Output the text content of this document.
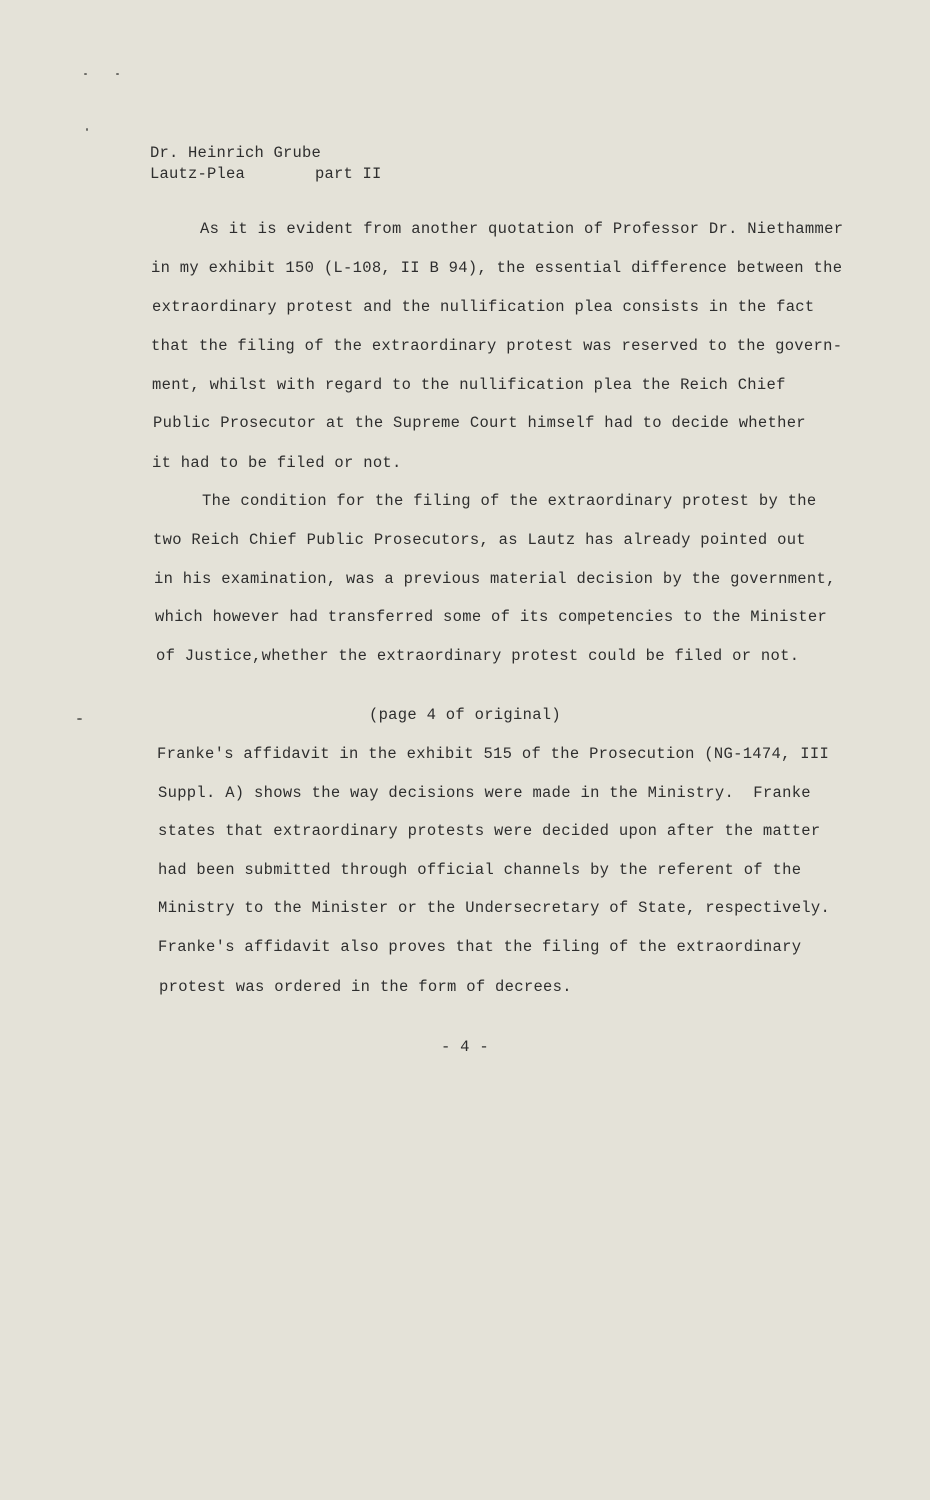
Dr. Heinrich Grube
Lautz-Plea	part II
As it is evident from another quotation of Professor Dr. Niethammer
in my exhibit 150 (L-108, II B 94), the essential difference between the
extraordinary protest and the nullification plea consists in the fact
that the filing of the extraordinary protest was reserved to the govern-
ment, whilst with regard to the nullification plea the Reich Chief
Public Prosecutor at the Supreme Court himself had to decide whether
it had to be filed or not.
The condition for the filing of the extraordinary protest by the
two Reich Chief Public Prosecutors, as Lautz has already pointed out
in his examination, was a previous material decision by the government,
which however had transferred some of its competencies to the Minister
of Justice,whether the extraordinary protest could be filed or not.
(page 4 of original)
Franke's affidavit in the exhibit 515 of the Prosecution (NG-1474, III
Suppl. A) shows the way decisions were made in the Ministry.  Franke
states that extraordinary protests were decided upon after the matter
had been submitted through official channels by the referent of the
Ministry to the Minister or the Undersecretary of State, respectively.
Franke's affidavit also proves that the filing of the extraordinary
protest was ordered in the form of decrees.
- 4 -
